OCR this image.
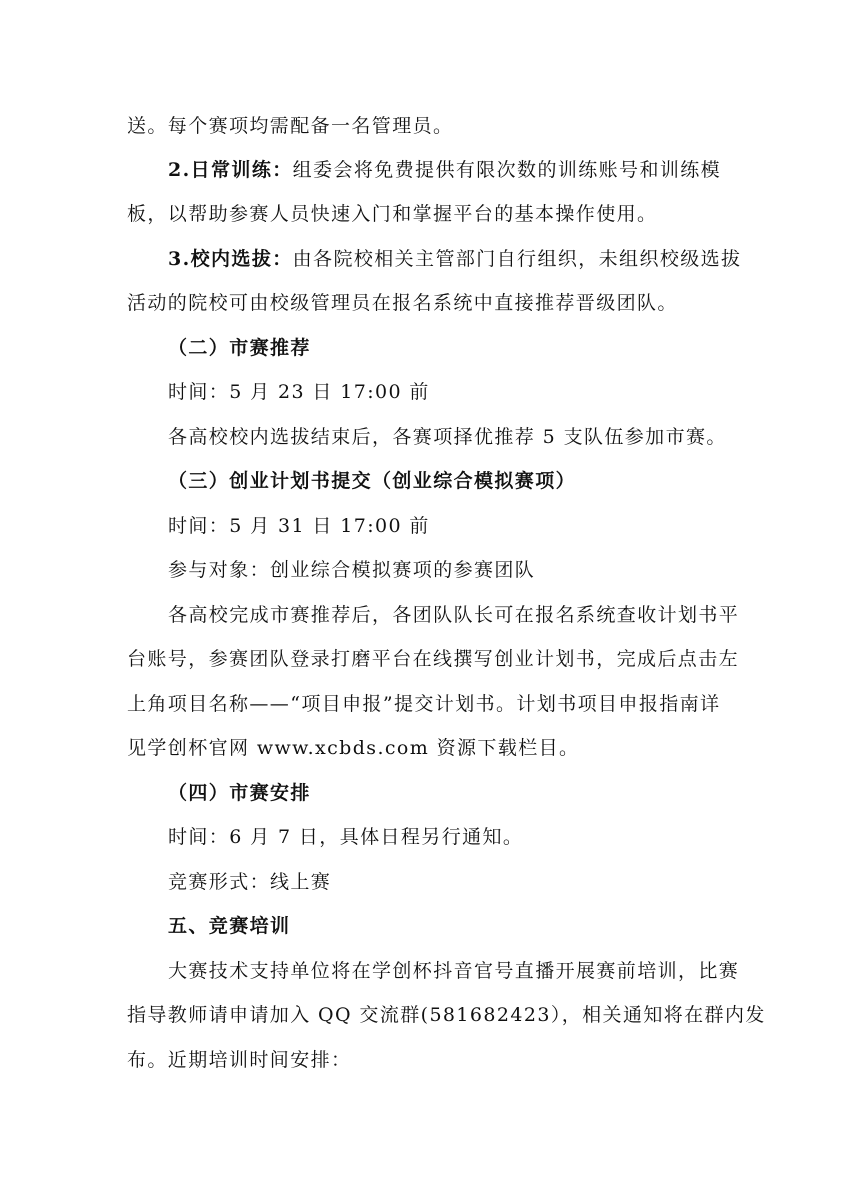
送。每个赛项均需配备一名管理员。
2.日常训练：组委会将免费提供有限次数的训练账号和训练模
板，以帮助参赛人员快速入门和掌握平台的基本操作使用。
3.校内选拔：由各院校相关主管部门自行组织，未组织校级选拔
活动的院校可由校级管理员在报名系统中直接推荐晋级团队。
（二）市赛推荐
时间：5 月 23 日 17:00 前
各高校校内选拔结束后，各赛项择优推荐 5 支队伍参加市赛。
（三）创业计划书提交（创业综合模拟赛项）
时间：5 月 31 日 17:00 前
参与对象：创业综合模拟赛项的参赛团队
各高校完成市赛推荐后，各团队队长可在报名系统查收计划书平
台账号，参赛团队登录打磨平台在线撰写创业计划书，完成后点击左
上角项目名称——“项目申报”提交计划书。计划书项目申报指南详
见学创杯官网 www.xcbds.com 资源下载栏目。
（四）市赛安排
时间：6 月 7 日，具体日程另行通知。
竞赛形式：线上赛
五、竞赛培训
大赛技术支持单位将在学创杯抖音官号直播开展赛前培训，比赛
指导教师请申请加入 QQ 交流群(581682423），相关通知将在群内发
布。近期培训时间安排：
